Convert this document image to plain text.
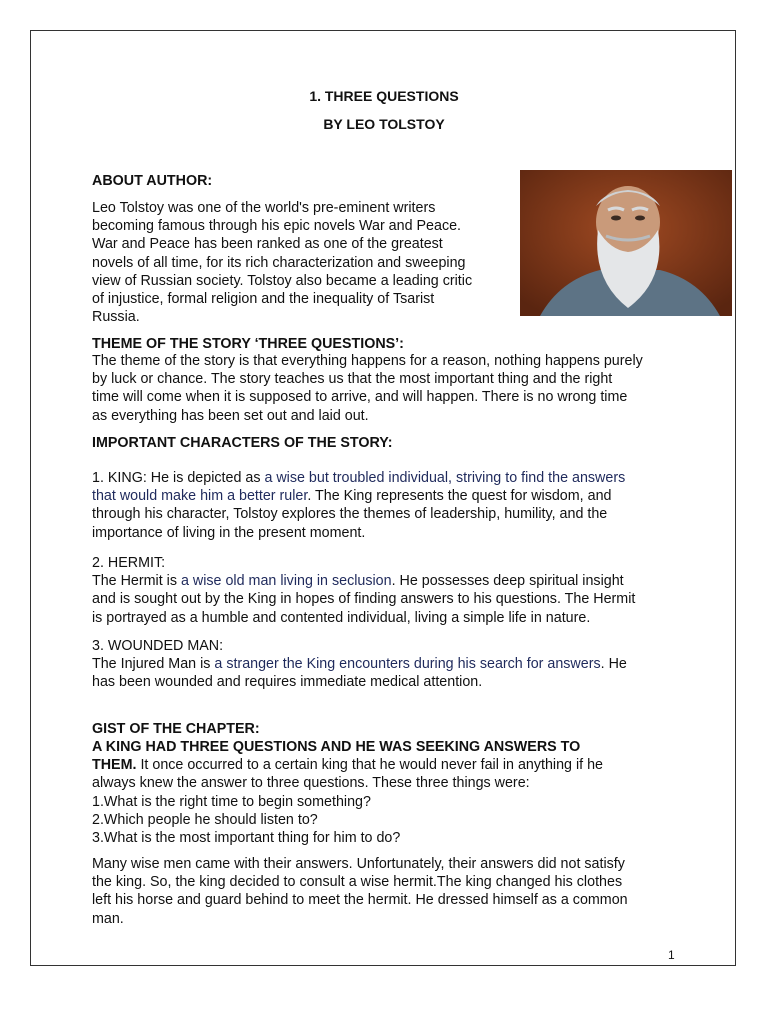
1. THREE QUESTIONS
BY LEO TOLSTOY
ABOUT AUTHOR:
Leo Tolstoy was one of the world's pre-eminent writers
becoming famous through his epic novels War and Peace.
War and Peace has been ranked as one of the greatest
novels of all time, for its rich characterization and sweeping
view of Russian society. Tolstoy also became a leading critic
of injustice, formal religion and the inequality of Tsarist
Russia.
THEME OF THE STORY ‘THREE QUESTIONS’:
The theme of the story is that everything happens for a reason, nothing happens purely
by luck or chance. The story teaches us that the most important thing and the right
time will come when it is supposed to arrive, and will happen. There is no wrong time
as everything has been set out and laid out.
IMPORTANT CHARACTERS OF THE STORY:
1. KING: He is depicted as a wise but troubled individual, striving to find the answers
that would make him a better ruler. The King represents the quest for wisdom, and
through his character, Tolstoy explores the themes of leadership, humility, and the
importance of living in the present moment.
2. HERMIT:
The Hermit is a wise old man living in seclusion. He possesses deep spiritual insight
and is sought out by the King in hopes of finding answers to his questions. The Hermit
is portrayed as a humble and contented individual, living a simple life in nature.
3. WOUNDED MAN:
The Injured Man is a stranger the King encounters during his search for answers. He
has been wounded and requires immediate medical attention.
GIST OF THE CHAPTER:
A KING HAD THREE QUESTIONS AND HE WAS SEEKING ANSWERS TO
THEM. It once occurred to a certain king that he would never fail in anything if he
always knew the answer to three questions. These three things were:
1.What is the right time to begin something?
2.Which people he should listen to?
3.What is the most important thing for him to do?
Many wise men came with their answers. Unfortunately, their answers did not satisfy
the king. So, the king decided to consult a wise hermit.The king changed his clothes
left his horse and guard behind to meet the hermit. He dressed himself as a common
man.
1
